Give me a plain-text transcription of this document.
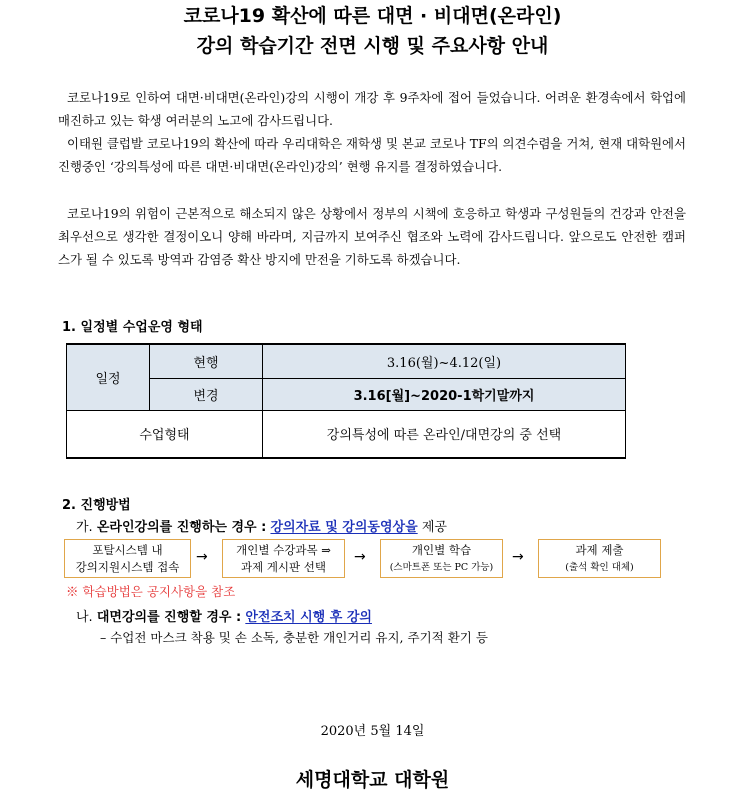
코로나19 확산에 따른 대면 · 비대면(온라인)
강의 학습기간 전면 시행 및 주요사항 안내
코로나19로 인하여 대면·비대면(온라인)강의 시행이 개강 후 9주차에 접어 들었습니다. 어려운 환경속에서 학업에 매진하고 있는 학생 여러분의 노고에 감사드립니다.
이태원 클럽발 코로나19의 확산에 따라 우리대학은 재학생 및 본교 코로나 TF의 의견수렴을 거쳐, 현재 대학원에서 진행중인 ‘강의특성에 따른 대면·비대면(온라인)강의’ 현행 유지를 결정하였습니다.
코로나19의 위험이 근본적으로 해소되지 않은 상황에서 정부의 시책에 호응하고 학생과 구성원들의 건강과 안전을 최우선으로 생각한 결정이오니 양해 바라며, 지금까지 보여주신 협조와 노력에 감사드립니다. 앞으로도 안전한 캠퍼스가 될 수 있도록 방역과 감염증 확산 방지에 만전을 기하도록 하겠습니다.
1. 일정별 수업운영 형태
일정	현행	3.16(월)~4.12(일)
	변경	3.16[월]~2020-1학기말까지
수업형태		강의특성에 따른 온라인/대면강의 중 선택
2. 진행방법
가. 온라인강의를 진행하는 경우 : 강의자료 및 강의동영상을 제공
포탈시스템 내
강의지원시스템 접속
→	개인별 수강과목 ⇒
과제 게시판 선택
→	개인별 학습
(스마트폰 또는 PC 가능)
→	과제 제출
(출석 확인 대체)
※ 학습방법은 공지사항을 참조
나. 대면강의를 진행할 경우 : 안전조치 시행 후 강의
– 수업전 마스크 착용 및 손 소독, 충분한 개인거리 유지, 주기적 환기 등
2020년 5월 14일
세명대학교 대학원
